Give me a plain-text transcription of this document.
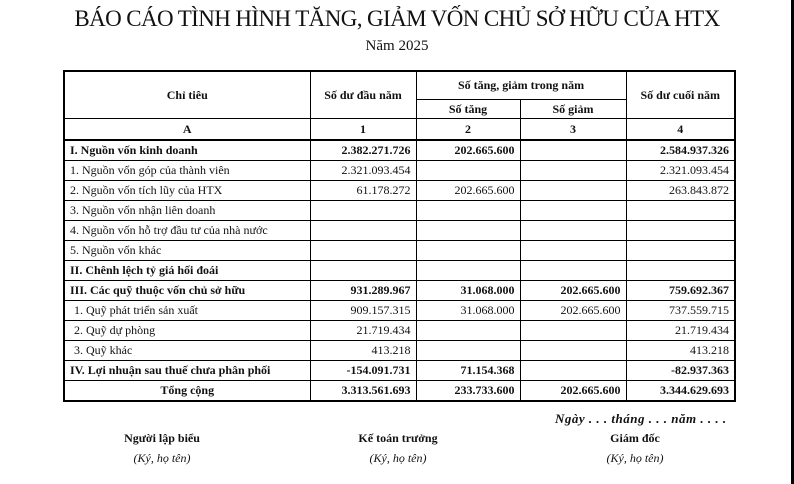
BÁO CÁO TÌNH HÌNH TĂNG, GIẢM VỐN CHỦ SỞ HỮU CỦA HTX
Năm 2025
Chỉ tiêu	Số dư đầu năm	Số tăng, giảm trong năm		Số dư cuối năm
		Số tăng	Số giảm	
A	1	2	3	4
I. Nguồn vốn kinh doanh	2.382.271.726	202.665.600		2.584.937.326
1. Nguồn vốn góp của thành viên	2.321.093.454			2.321.093.454
2. Nguồn vốn tích lũy của HTX	61.178.272	202.665.600		263.843.872
3. Nguồn vốn nhận liên doanh				
4. Nguồn vốn hỗ trợ đầu tư của nhà nước				
5. Nguồn vốn khác				
II. Chênh lệch tỷ giá hối đoái				
III. Các quỹ thuộc vốn chủ sở hữu	931.289.967	31.068.000	202.665.600	759.692.367
1. Quỹ phát triển sản xuất	909.157.315	31.068.000	202.665.600	737.559.715
2. Quỹ dự phòng	21.719.434			21.719.434
3. Quỹ khác	413.218			413.218
IV. Lợi nhuận sau thuế chưa phân phối	-154.091.731	71.154.368		-82.937.363
Tổng cộng	3.313.561.693	233.733.600	202.665.600	3.344.629.693
Ngày . . . tháng . . . năm . . . .
Người lập biểu
(Ký, họ tên)
Kế toán trưởng
(Ký, họ tên)
Giám đốc
(Ký, họ tên)
